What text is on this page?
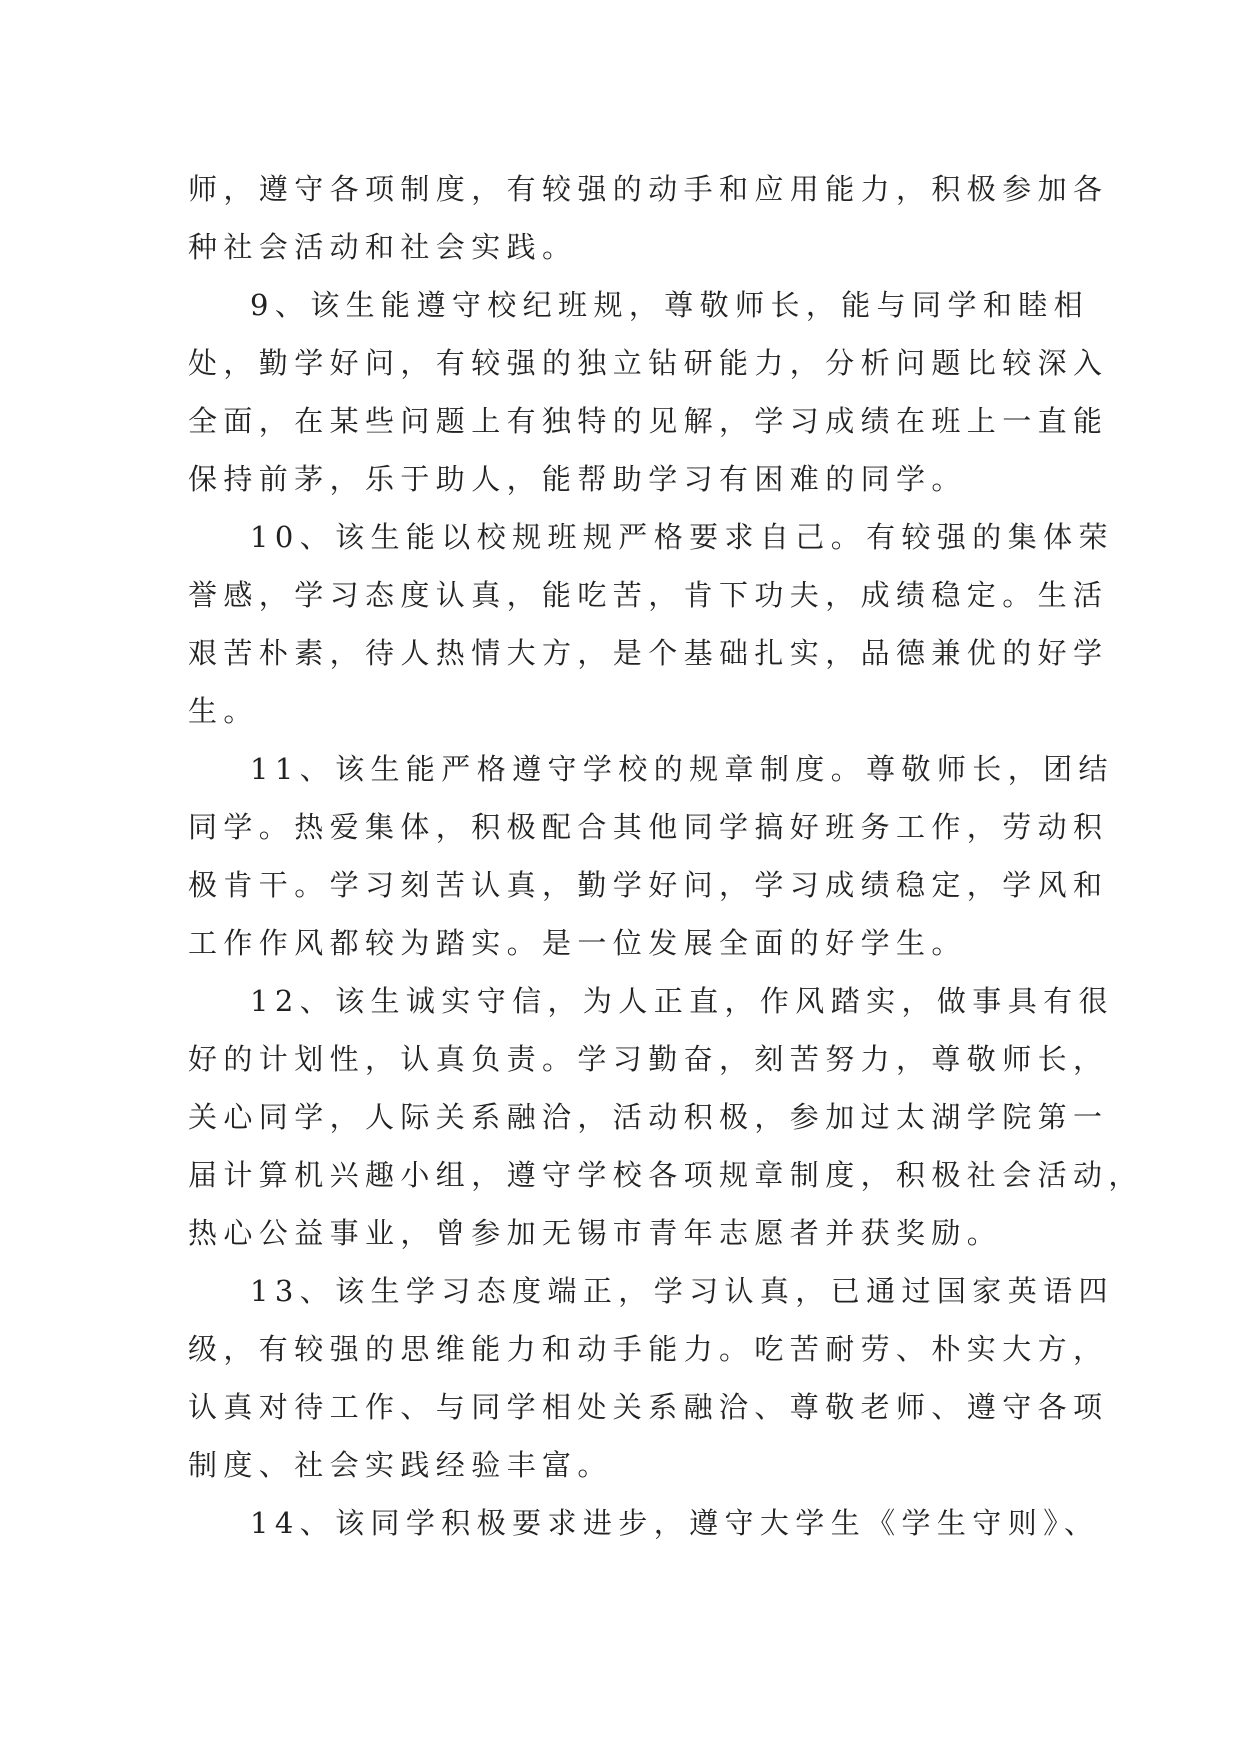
师，遵守各项制度，有较强的动手和应用能力，积极参加各
种社会活动和社会实践。
9、该生能遵守校纪班规，尊敬师长，能与同学和睦相
处，勤学好问，有较强的独立钻研能力，分析问题比较深入
全面，在某些问题上有独特的见解，学习成绩在班上一直能
保持前茅，乐于助人，能帮助学习有困难的同学。
10、该生能以校规班规严格要求自己。有较强的集体荣
誉感，学习态度认真，能吃苦，肯下功夫，成绩稳定。生活
艰苦朴素，待人热情大方，是个基础扎实，品德兼优的好学
生。
11、该生能严格遵守学校的规章制度。尊敬师长，团结
同学。热爱集体，积极配合其他同学搞好班务工作，劳动积
极肯干。学习刻苦认真，勤学好问，学习成绩稳定，学风和
工作作风都较为踏实。是一位发展全面的好学生。
12、该生诚实守信，为人正直，作风踏实，做事具有很
好的计划性，认真负责。学习勤奋，刻苦努力，尊敬师长，
关心同学，人际关系融洽，活动积极，参加过太湖学院第一
届计算机兴趣小组，遵守学校各项规章制度，积极社会活动，
热心公益事业，曾参加无锡市青年志愿者并获奖励。
13、该生学习态度端正，学习认真，已通过国家英语四
级，有较强的思维能力和动手能力。吃苦耐劳、朴实大方，
认真对待工作、与同学相处关系融洽、尊敬老师、遵守各项
制度、社会实践经验丰富。
14、该同学积极要求进步，遵守大学生《学生守则》、
